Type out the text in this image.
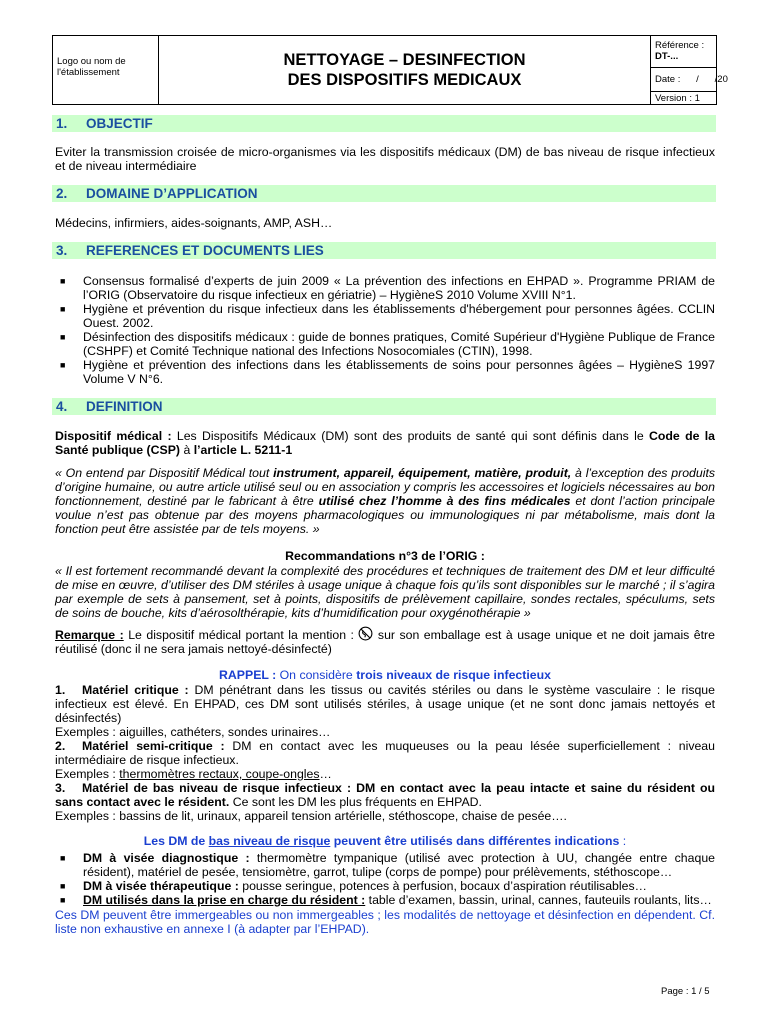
Logo ou nom de l'établissement
NETTOYAGE – DESINFECTION
DES DISPOSITIFS MEDICAUX
Référence :
DT-...
Date :      /      /20
Version : 1
1. OBJECTIF
Eviter la transmission croisée de micro-organismes via les dispositifs médicaux (DM) de bas niveau de risque infectieux et de niveau intermédiaire
2. DOMAINE D’APPLICATION
Médecins, infirmiers, aides-soignants, AMP, ASH…
3. REFERENCES ET DOCUMENTS LIES
■ Consensus formalisé d’experts de juin 2009 « La prévention des infections en EHPAD ». Programme PRIAM de l’ORIG (Observatoire du risque infectieux en gériatrie) – HygièneS 2010 Volume XVIII N°1.
■ Hygiène et prévention du risque infectieux dans les établissements d'hébergement pour personnes âgées. CCLIN Ouest. 2002.
■ Désinfection des dispositifs médicaux : guide de bonnes pratiques, Comité Supérieur d'Hygiène Publique de France (CSHPF) et Comité Technique national des Infections Nosocomiales (CTIN), 1998.
■ Hygiène et prévention des infections dans les établissements de soins pour personnes âgées – HygièneS 1997 Volume V N°6.
4. DEFINITION
Dispositif médical : Les Dispositifs Médicaux (DM) sont des produits de santé qui sont définis dans le Code de la Santé publique (CSP) à l’article L. 5211-1
« On entend par Dispositif Médical tout instrument, appareil, équipement, matière, produit, à l’exception des produits d’origine humaine, ou autre article utilisé seul ou en association y compris les accessoires et logiciels nécessaires au bon fonctionnement, destiné par le fabricant à être utilisé chez l’homme à des fins médicales et dont l’action principale voulue n’est pas obtenue par des moyens pharmacologiques ou immunologiques ni par métabolisme, mais dont la fonction peut être assistée par de tels moyens. »
Recommandations n°3 de l’ORIG :
« Il est fortement recommandé devant la complexité des procédures et techniques de traitement des DM et leur difficulté de mise en œuvre, d’utiliser des DM stériles à usage unique à chaque fois qu’ils sont disponibles sur le marché ; il s’agira par exemple de sets à pansement, set à points, dispositifs de prélèvement capillaire, sondes rectales, spéculums, sets de soins de bouche, kits d’aérosolthérapie, kits d’humidification pour oxygénothérapie »
Remarque : Le dispositif médical portant la mention :  sur son emballage est à usage unique et ne doit jamais être réutilisé (donc il ne sera jamais nettoyé-désinfecté)
RAPPEL : On considère trois niveaux de risque infectieux
1. Matériel critique : DM pénétrant dans les tissus ou cavités stériles ou dans le système vasculaire : le risque infectieux est élevé. En EHPAD, ces DM sont utilisés stériles, à usage unique (et ne sont donc jamais nettoyés et désinfectés)
Exemples : aiguilles, cathéters, sondes urinaires…
2. Matériel semi-critique : DM en contact avec les muqueuses ou la peau lésée superficiellement : niveau intermédiaire de risque infectieux.
Exemples : thermomètres rectaux, coupe-ongles…
3. Matériel de bas niveau de risque infectieux : DM en contact avec la peau intacte et saine du résident ou sans contact avec le résident. Ce sont les DM les plus fréquents en EHPAD.
Exemples : bassins de lit, urinaux, appareil tension artérielle, stéthoscope, chaise de pesée….
Les DM de bas niveau de risque peuvent être utilisés dans différentes indications :
■ DM à visée diagnostique : thermomètre tympanique (utilisé avec protection à UU, changée entre chaque résident), matériel de pesée, tensiomètre, garrot, tulipe (corps de pompe) pour prélèvements, stéthoscope…
■ DM à visée thérapeutique : pousse seringue, potences à perfusion, bocaux d’aspiration réutilisables…
■ DM utilisés dans la prise en charge du résident : table d’examen, bassin, urinal, cannes, fauteuils roulants, lits…
Ces DM peuvent être immergeables ou non immergeables ; les modalités de nettoyage et désinfection en dépendent. Cf. liste non exhaustive en annexe I (à adapter par l’EHPAD).
Page : 1 / 5
